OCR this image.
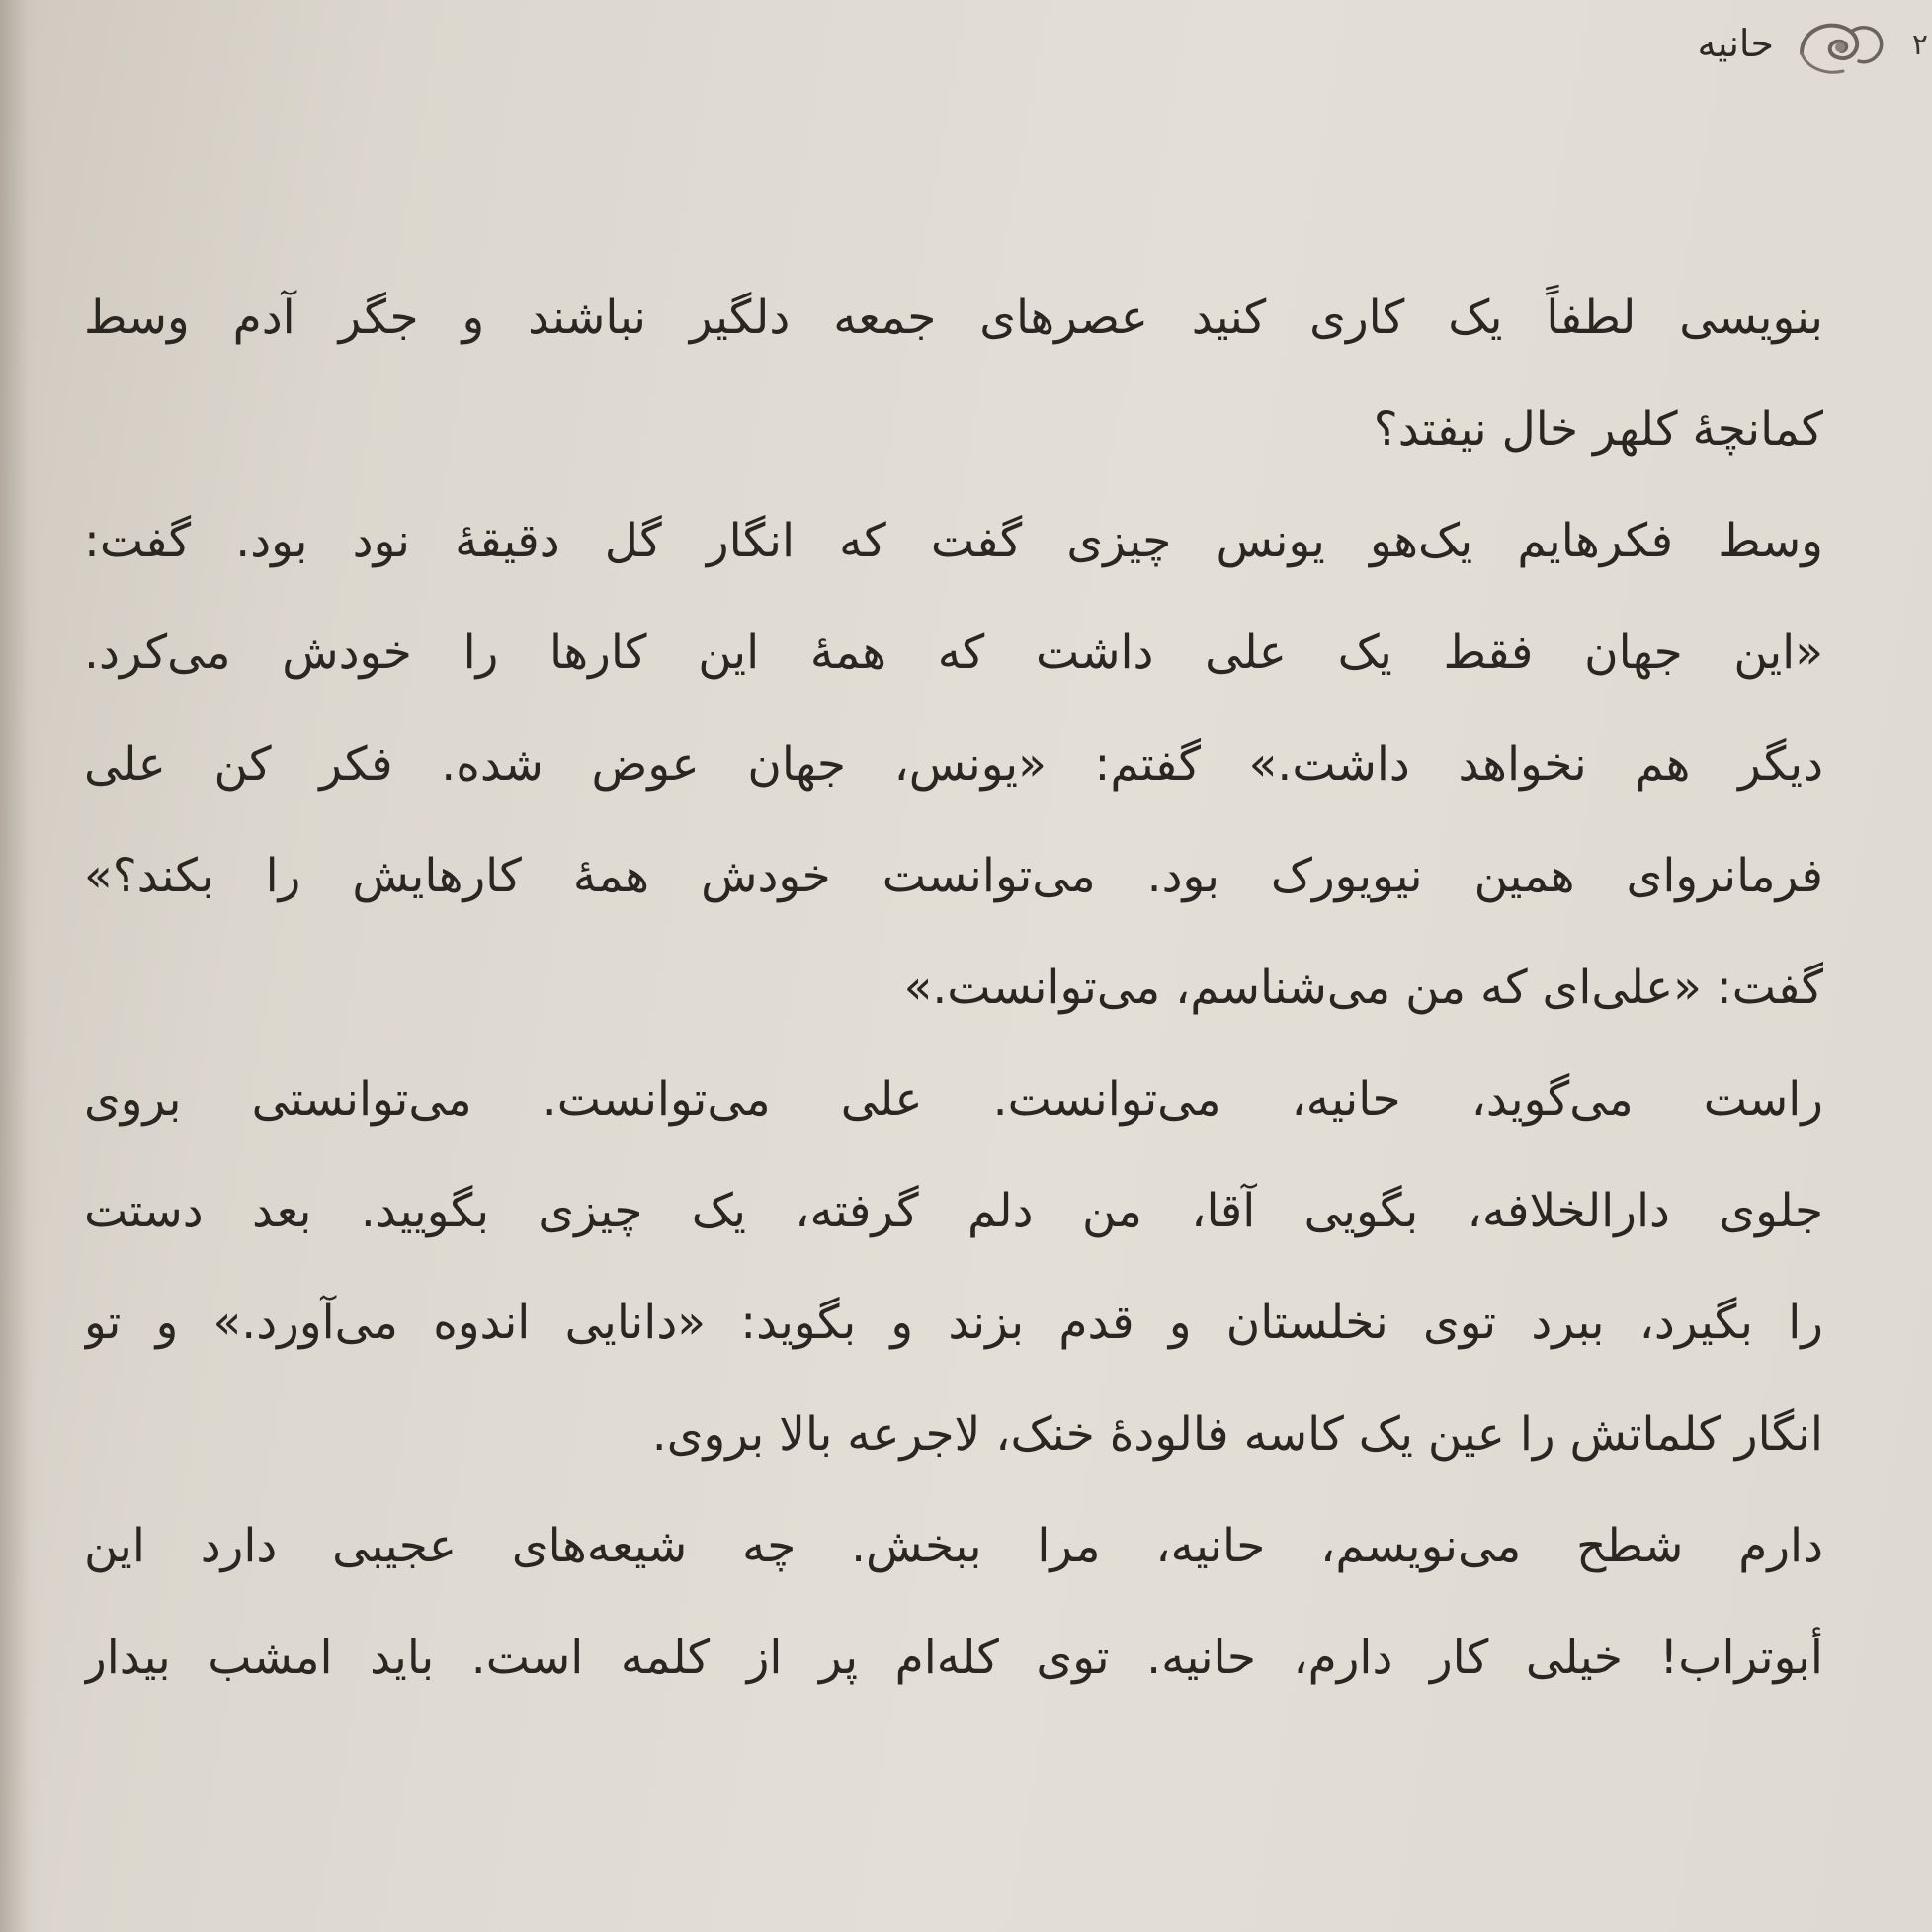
حانیه	۲
بنویسی لطفاً یک کاری کنید عصرهای جمعه دلگیر نباشند و جگر آدم وسط
کمانچهٔ کلهر خال نیفتد؟
وسط فکرهایم یک‌هو یونس چیزی گفت که انگار گل دقیقهٔ نود بود. گفت:
«این جهان فقط یک علی داشت که همهٔ این کارها را خودش می‌کرد.
دیگر هم نخواهد داشت.» گفتم: «یونس، جهان عوض شده. فکر کن علی
فرمانروای همین نیویورک بود. می‌توانست خودش همهٔ کارهایش را بکند؟»
گفت: «علی‌ای که من می‌شناسم، می‌توانست.»
راست می‌گوید، حانیه، می‌توانست. علی می‌توانست. می‌توانستی بروی
جلوی دارالخلافه، بگویی آقا، من دلم گرفته، یک چیزی بگویید. بعد دستت
را بگیرد، ببرد توی نخلستان و قدم بزند و بگوید: «دانایی اندوه می‌آورد.» و تو
انگار کلماتش را عین یک کاسه فالودهٔ خنک، لاجرعه بالا بروی.
دارم شطح می‌نویسم، حانیه، مرا ببخش. چه شیعه‌های عجیبی دارد این
أبوتراب! خیلی کار دارم، حانیه. توی کله‌ام پر از کلمه است. باید امشب بیدار
